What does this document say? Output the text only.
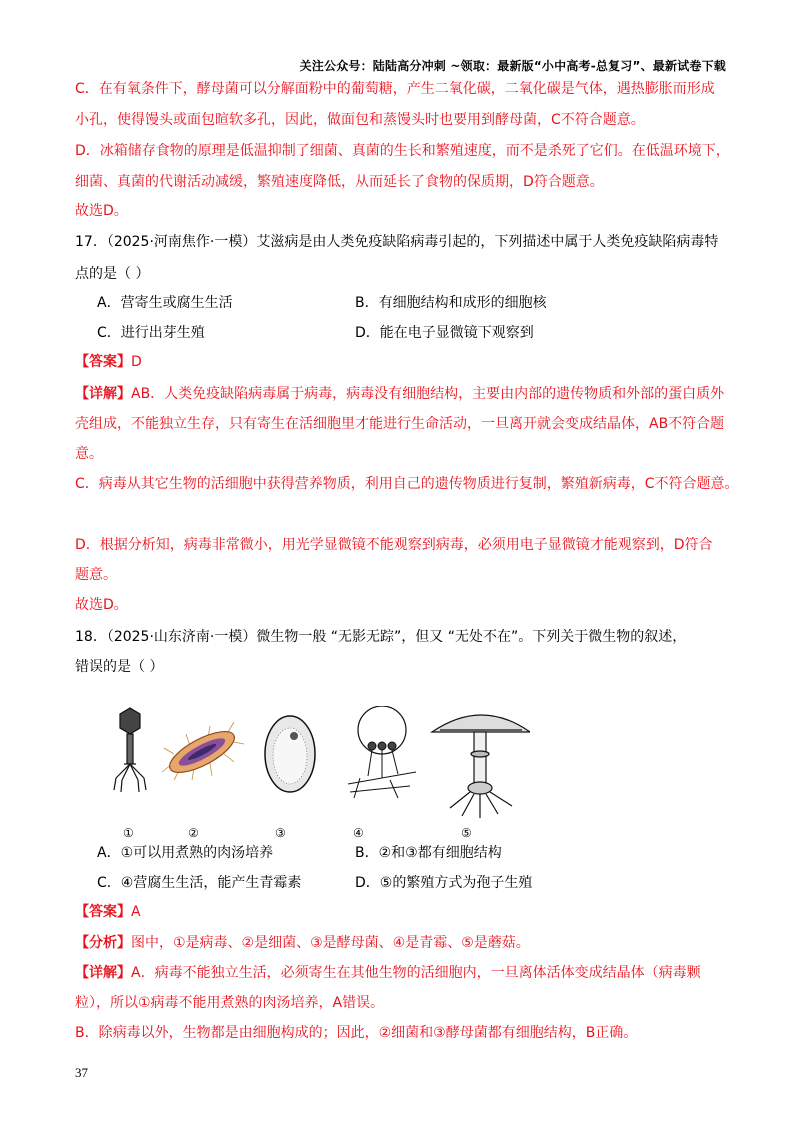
关注公众号：陆陆高分冲刺 ~领取：最新版“小中高考-总复习”、最新试卷下载
C．在有氧条件下，酵母菌可以分解面粉中的葡萄糖，产生二氧化碳，二氧化碳是气体，遇热膨胀而形成
小孔，使得馒头或面包暄软多孔，因此，做面包和蒸馒头时也要用到酵母菌，C不符合题意。
D．冰箱储存食物的原理是低温抑制了细菌、真菌的生长和繁殖速度，而不是杀死了它们。在低温环境下，
细菌、真菌的代谢活动减缓，繁殖速度降低，从而延长了食物的保质期，D符合题意。
故选D。
17．（2025·河南焦作·一模）艾滋病是由人类免疫缺陷病毒引起的，下列描述中属于人类免疫缺陷病毒特
点的是（ ）
A．营寄生或腐生生活	B．有细胞结构和成形的细胞核
C．进行出芽生殖	D．能在电子显微镜下观察到
【答案】D
【详解】AB．人类免疫缺陷病毒属于病毒，病毒没有细胞结构，主要由内部的遗传物质和外部的蛋白质外
壳组成，不能独立生存，只有寄生在活细胞里才能进行生命活动，一旦离开就会变成结晶体，AB不符合题
意。
C．病毒从其它生物的活细胞中获得营养物质，利用自己的遗传物质进行复制，繁殖新病毒，C不符合题意。
D．根据分析知，病毒非常微小，用光学显微镜不能观察到病毒，必须用电子显微镜才能观察到，D符合
题意。
故选D。
18．（2025·山东济南·一模）微生物一般 “无影无踪”，但又 “无处不在”。下列关于微生物的叙述，
错误的是（ ）
①	②	③	④	⑤
A．①可以用煮熟的肉汤培养	B．②和③都有细胞结构
C．④营腐生生活，能产生青霉素	D．⑤的繁殖方式为孢子生殖
【答案】A
【分析】图中，①是病毒、②是细菌、③是酵母菌、④是青霉、⑤是蘑菇。
【详解】A．病毒不能独立生活，必须寄生在其他生物的活细胞内，一旦离体活体变成结晶体（病毒颗
粒），所以①病毒不能用煮熟的肉汤培养，A错误。
B．除病毒以外，生物都是由细胞构成的；因此，②细菌和③酵母菌都有细胞结构，B正确。
37
